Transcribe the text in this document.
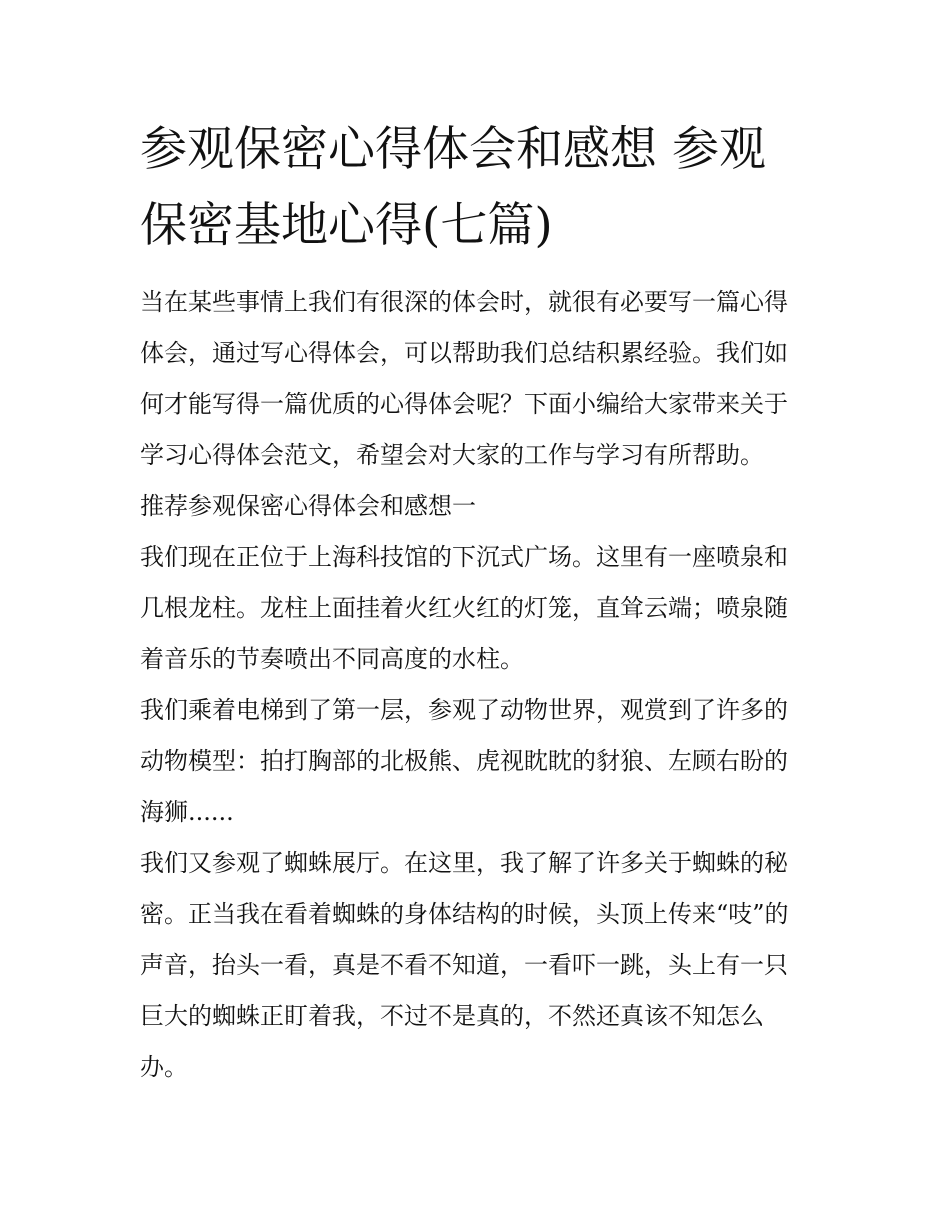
参观保密心得体会和感想 参观
保密基地心得(七篇)

当在某些事情上我们有很深的体会时，就很有必要写一篇心得
体会，通过写心得体会，可以帮助我们总结积累经验。我们如
何才能写得一篇优质的心得体会呢？下面小编给大家带来关于
学习心得体会范文，希望会对大家的工作与学习有所帮助。

推荐参观保密心得体会和感想一

我们现在正位于上海科技馆的下沉式广场。这里有一座喷泉和
几根龙柱。龙柱上面挂着火红火红的灯笼，直耸云端；喷泉随
着音乐的节奏喷出不同高度的水柱。

我们乘着电梯到了第一层，参观了动物世界，观赏到了许多的
动物模型：拍打胸部的北极熊、虎视眈眈的豺狼、左顾右盼的
海狮......

我们又参观了蜘蛛展厅。在这里，我了解了许多关于蜘蛛的秘
密。正当我在看着蜘蛛的身体结构的时候，头顶上传来“吱”的
声音，抬头一看，真是不看不知道，一看吓一跳，头上有一只
巨大的蜘蛛正盯着我，不过不是真的，不然还真该不知怎么
办。
